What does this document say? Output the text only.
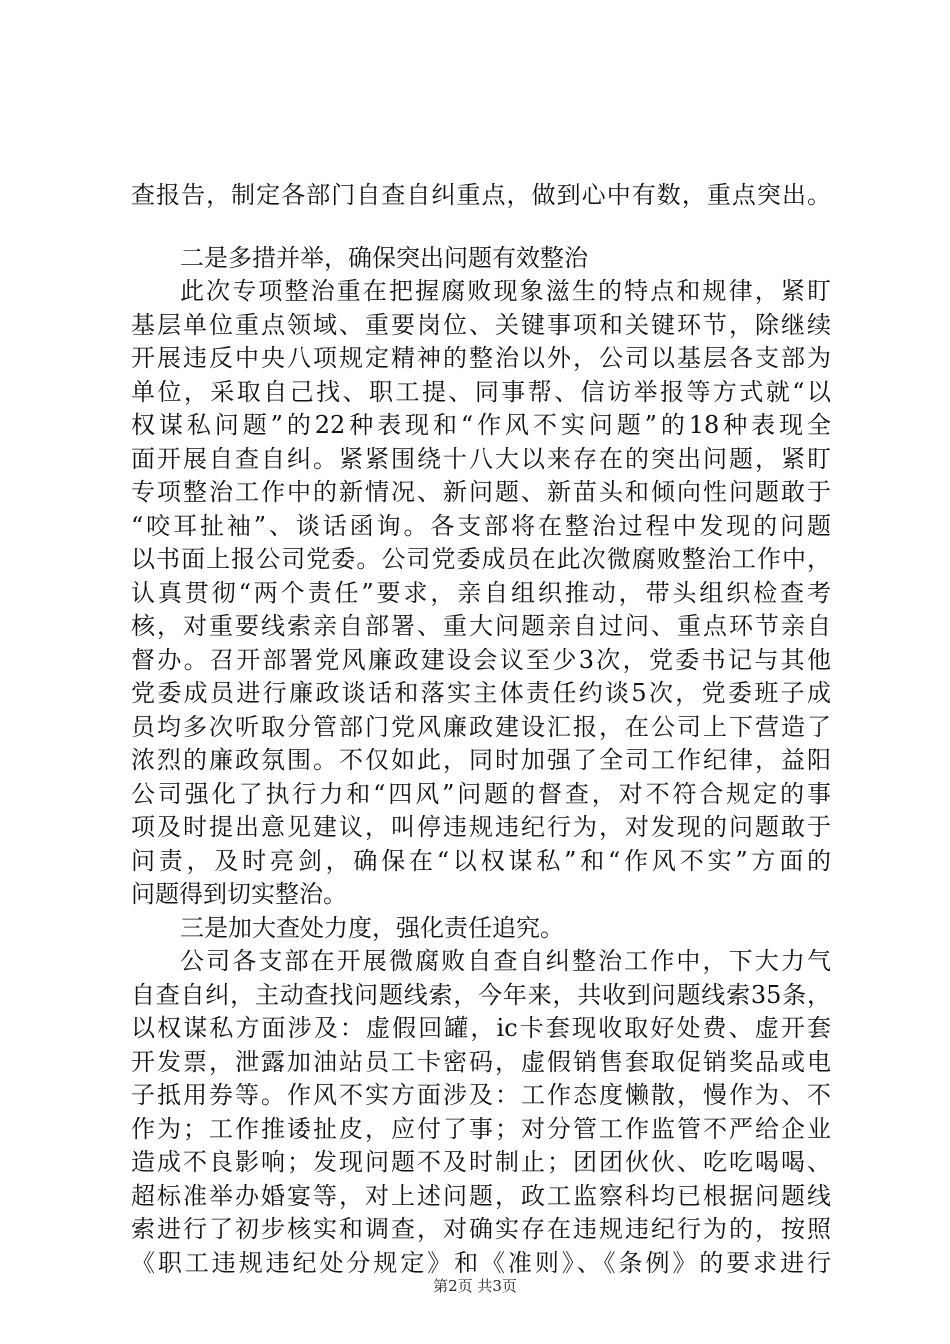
查报告，制定各部门自查自纠重点，做到心中有数，重点突出。
二是多措并举，确保突出问题有效整治
此次专项整治重在把握腐败现象滋生的特点和规律，紧盯
基层单位重点领域、重要岗位、关键事项和关键环节，除继续
开展违反中央八项规定精神的整治以外，公司以基层各支部为
单位，采取自己找、职工提、同事帮、信访举报等方式就“以
权谋私问题”的22种表现和“作风不实问题”的18种表现全
面开展自查自纠。紧紧围绕十八大以来存在的突出问题，紧盯
专项整治工作中的新情况、新问题、新苗头和倾向性问题敢于
“咬耳扯袖”、谈话函询。各支部将在整治过程中发现的问题
以书面上报公司党委。公司党委成员在此次微腐败整治工作中，
认真贯彻“两个责任”要求，亲自组织推动，带头组织检查考
核，对重要线索亲自部署、重大问题亲自过问、重点环节亲自
督办。召开部署党风廉政建设会议至少3次，党委书记与其他
党委成员进行廉政谈话和落实主体责任约谈5次，党委班子成
员均多次听取分管部门党风廉政建设汇报，在公司上下营造了
浓烈的廉政氛围。不仅如此，同时加强了全司工作纪律，益阳
公司强化了执行力和“四风”问题的督查，对不符合规定的事
项及时提出意见建议，叫停违规违纪行为，对发现的问题敢于
问责，及时亮剑，确保在“以权谋私”和“作风不实”方面的
问题得到切实整治。
三是加大查处力度，强化责任追究。
公司各支部在开展微腐败自查自纠整治工作中，下大力气
自查自纠，主动查找问题线索，今年来，共收到问题线索35条，
以权谋私方面涉及：虚假回罐，ic卡套现收取好处费、虚开套
开发票，泄露加油站员工卡密码，虚假销售套取促销奖品或电
子抵用券等。作风不实方面涉及：工作态度懒散，慢作为、不
作为；工作推诿扯皮，应付了事；对分管工作监管不严给企业
造成不良影响；发现问题不及时制止；团团伙伙、吃吃喝喝、
超标准举办婚宴等，对上述问题，政工监察科均已根据问题线
索进行了初步核实和调查，对确实存在违规违纪行为的，按照
《职工违规违纪处分规定》和《准则》、《条例》的要求进行
第2页 共3页
